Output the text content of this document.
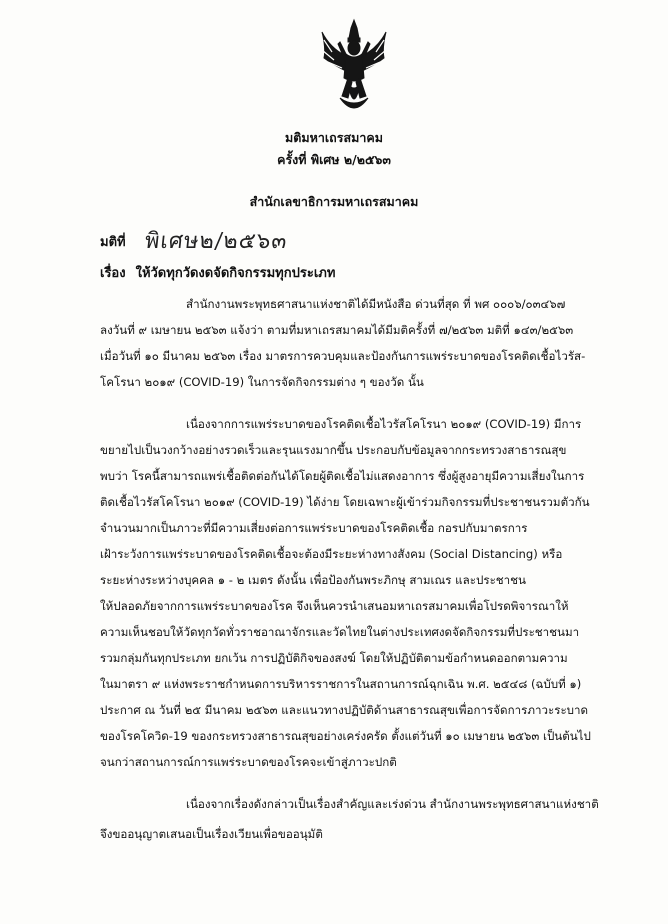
มติมหาเถรสมาคม
ครั้งที่ พิเศษ ๒/๒๕๖๓
สำนักเลขาธิการมหาเถรสมาคม
มติที่ พิเศษ๒/๒๕๖๓
เรื่อง ให้วัดทุกวัดงดจัดกิจกรรมทุกประเภท
สำนักงานพระพุทธศาสนาแห่งชาติได้มีหนังสือ ด่วนที่สุด ที่ พศ ๐๐๐๖/๐๓๔๖๗
ลงวันที่ ๙ เมษายน ๒๕๖๓ แจ้งว่า ตามที่มหาเถรสมาคมได้มีมติครั้งที่ ๗/๒๕๖๓ มติที่ ๑๔๓/๒๕๖๓
เมื่อวันที่ ๑๐ มีนาคม ๒๕๖๓ เรื่อง มาตรการควบคุมและป้องกันการแพร่ระบาดของโรคติดเชื้อไวรัส-
โคโรนา ๒๐๑๙ (COVID-19) ในการจัดกิจกรรมต่าง ๆ ของวัด นั้น
เนื่องจากการแพร่ระบาดของโรคติดเชื้อไวรัสโคโรนา ๒๐๑๙ (COVID-19) มีการ
ขยายไปเป็นวงกว้างอย่างรวดเร็วและรุนแรงมากขึ้น ประกอบกับข้อมูลจากกระทรวงสาธารณสุข
พบว่า โรคนี้สามารถแพร่เชื้อติดต่อกันได้โดยผู้ติดเชื้อไม่แสดงอาการ ซึ่งผู้สูงอายุมีความเสี่ยงในการ
ติดเชื้อไวรัสโคโรนา ๒๐๑๙ (COVID-19) ได้ง่าย โดยเฉพาะผู้เข้าร่วมกิจกรรมที่ประชาชนรวมตัวกัน
จำนวนมากเป็นภาวะที่มีความเสี่ยงต่อการแพร่ระบาดของโรคติดเชื้อ กอรปกับมาตรการ
เฝ้าระวังการแพร่ระบาดของโรคติดเชื้อจะต้องมีระยะห่างทางสังคม (Social Distancing) หรือ
ระยะห่างระหว่างบุคคล ๑ - ๒ เมตร ดังนั้น เพื่อป้องกันพระภิกษุ สามเณร และประชาชน
ให้ปลอดภัยจากการแพร่ระบาดของโรค จึงเห็นควรนำเสนอมหาเถรสมาคมเพื่อโปรดพิจารณาให้
ความเห็นชอบให้วัดทุกวัดทั่วราชอาณาจักรและวัดไทยในต่างประเทศงดจัดกิจกรรมที่ประชาชนมา
รวมกลุ่มกันทุกประเภท ยกเว้น การปฏิบัติกิจของสงฆ์ โดยให้ปฏิบัติตามข้อกำหนดออกตามความ
ในมาตรา ๙ แห่งพระราชกำหนดการบริหารราชการในสถานการณ์ฉุกเฉิน พ.ศ. ๒๕๔๘ (ฉบับที่ ๑)
ประกาศ ณ วันที่ ๒๕ มีนาคม ๒๕๖๓ และแนวทางปฏิบัติด้านสาธารณสุขเพื่อการจัดการภาวะระบาด
ของโรคโควิด-19 ของกระทรวงสาธารณสุขอย่างเคร่งครัด ตั้งแต่วันที่ ๑๐ เมษายน ๒๕๖๓ เป็นต้นไป
จนกว่าสถานการณ์การแพร่ระบาดของโรคจะเข้าสู่ภาวะปกติ
เนื่องจากเรื่องดังกล่าวเป็นเรื่องสำคัญและเร่งด่วน สำนักงานพระพุทธศาสนาแห่งชาติ
จึงขออนุญาตเสนอเป็นเรื่องเวียนเพื่อขออนุมัติ
